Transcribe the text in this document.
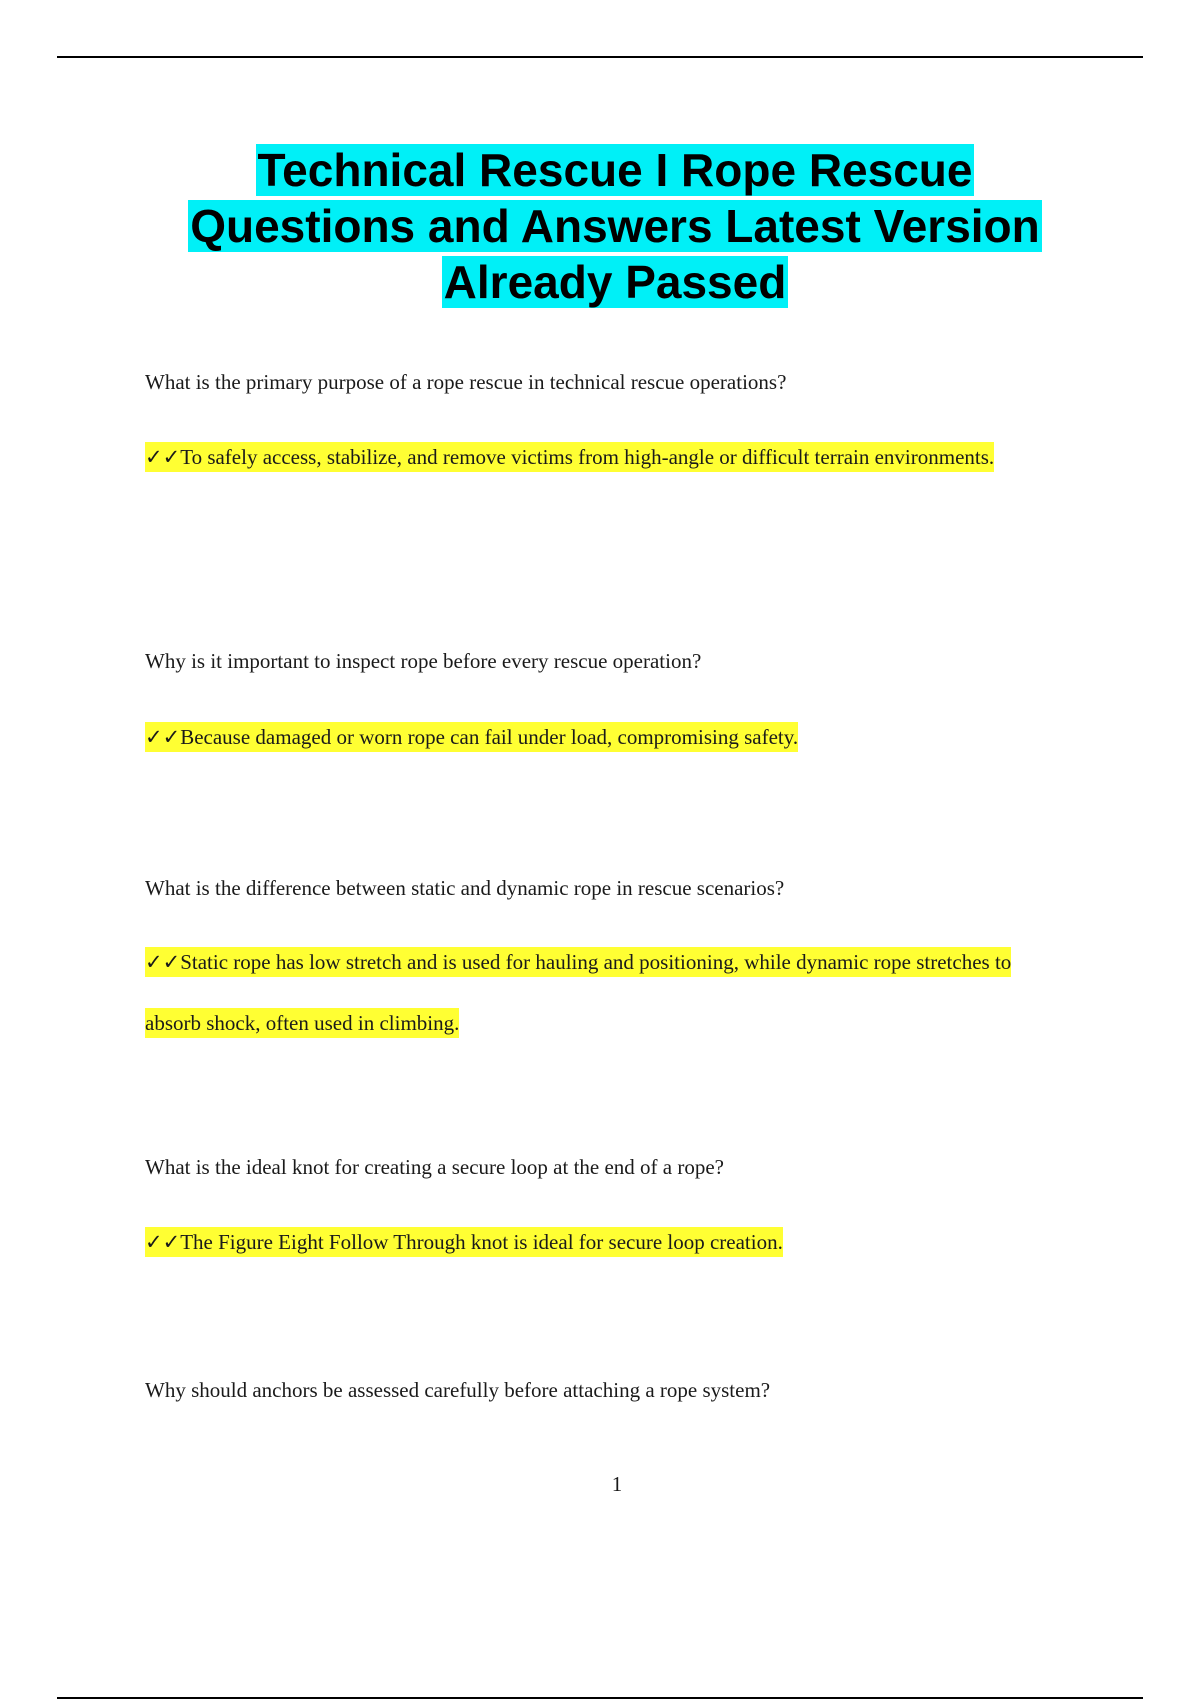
Technical Rescue I Rope Rescue
Questions and Answers Latest Version
Already Passed
What is the primary purpose of a rope rescue in technical rescue operations?
✓✓To safely access, stabilize, and remove victims from high-angle or difficult terrain environments.
Why is it important to inspect rope before every rescue operation?
✓✓Because damaged or worn rope can fail under load, compromising safety.
What is the difference between static and dynamic rope in rescue scenarios?
✓✓Static rope has low stretch and is used for hauling and positioning, while dynamic rope stretches to absorb shock, often used in climbing.
What is the ideal knot for creating a secure loop at the end of a rope?
✓✓The Figure Eight Follow Through knot is ideal for secure loop creation.
Why should anchors be assessed carefully before attaching a rope system?
1
